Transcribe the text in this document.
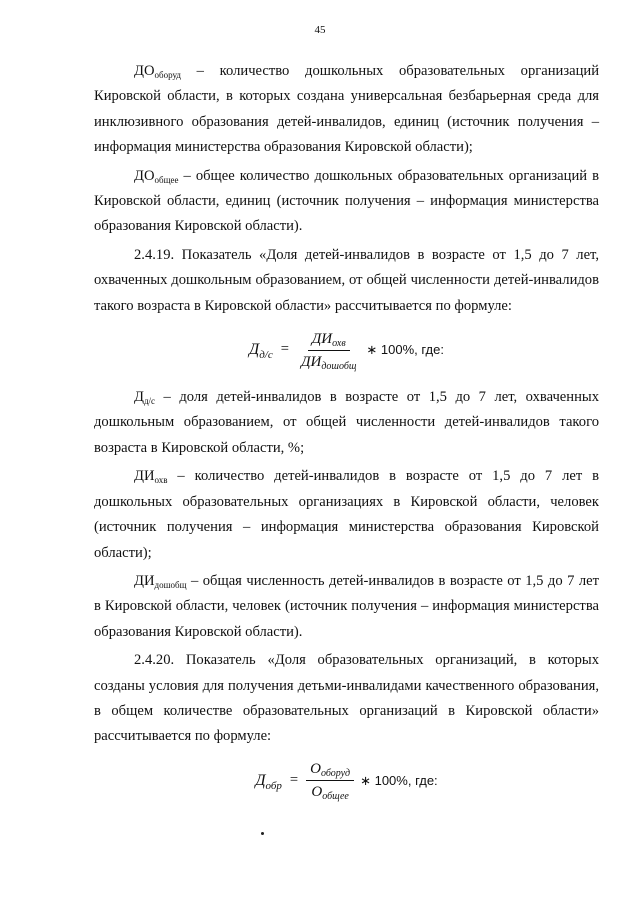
45

$ДО_{оборуд}$ – количество дошкольных образовательных организаций Кировской области, в которых создана универсальная безбарьерная среда для инклюзивного образования детей-инвалидов, единиц (источник получения – информация министерства образования Кировской области);

$ДО_{общее}$ – общее количество дошкольных образовательных организаций в Кировской области, единиц (источник получения – информация министерства образования Кировской области).

2.4.19. Показатель «Доля детей-инвалидов в возрасте от 1,5 до 7 лет, охваченных дошкольным образованием, от общей численности детей-инвалидов такого возраста в Кировской области» рассчитывается по формуле:

$Д_{д/с} = \frac{ДИ_{охв}}{ДИ_{дошобщ}}$ ∗ 100%, где:

$Д_{д/с}$ – доля детей-инвалидов в возрасте от 1,5 до 7 лет, охваченных дошкольным образованием, от общей численности детей-инвалидов такого возраста в Кировской области, %;

$ДИ_{охв}$ – количество детей-инвалидов в возрасте от 1,5 до 7 лет в дошкольных образовательных организациях в Кировской области, человек (источник получения – информация министерства образования Кировской области);

$ДИ_{дошобщ}$ – общая численность детей-инвалидов в возрасте от 1,5 до 7 лет в Кировской области, человек (источник получения – информация министерства образования Кировской области).

2.4.20. Показатель «Доля образовательных организаций, в которых созданы условия для получения детьми-инвалидами качественного образования, в общем количестве образовательных организаций в Кировской области» рассчитывается по формуле:

$Д_{обр} = \frac{О_{оборуд}}{О_{общее}}$ ∗ 100%, где:
